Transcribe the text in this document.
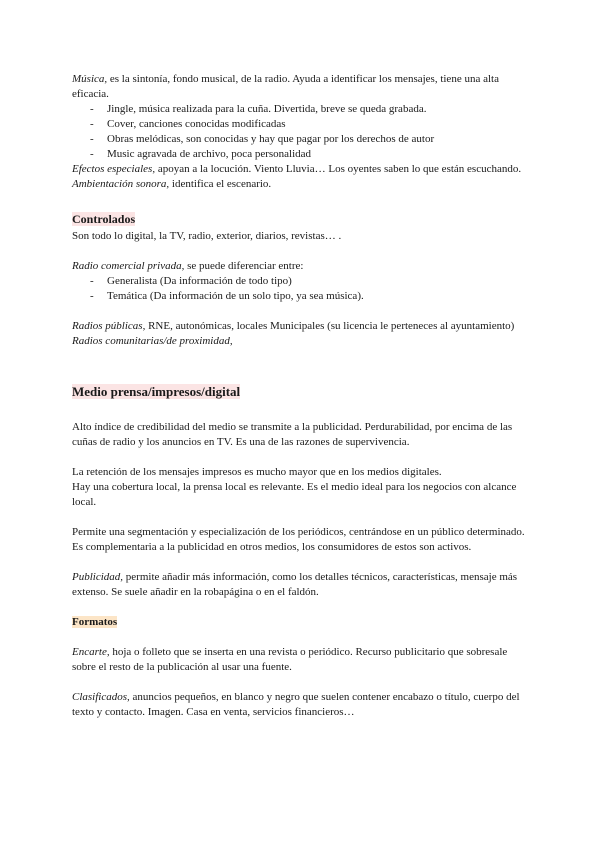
Música, es la sintonía, fondo musical, de la radio. Ayuda a identificar los mensajes, tiene una alta eficacia.

- Jingle, música realizada para la cuña. Divertida, breve se queda grabada.
- Cover, canciones conocidas modificadas
- Obras melódicas, son conocidas y hay que pagar por los derechos de autor
- Music agravada de archivo, poca personalidad

Efectos especiales, apoyan a la locución. Viento Lluvia… Los oyentes saben lo que están escuchando.

Ambientación sonora, identifica el escenario.

Controlados

Son todo lo digital, la TV, radio, exterior, diarios, revistas… .

Radio comercial privada, se puede diferenciar entre:

- Generalista (Da información de todo tipo)
- Temática (Da información de un solo tipo, ya sea música).

Radios públicas, RNE, autonómicas, locales Municipales (su licencia le perteneces al ayuntamiento)

Radios comunitarias/de proximidad,

Medio prensa/impresos/digital

Alto índice de credibilidad del medio se transmite a la publicidad. Perdurabilidad, por encima de las cuñas de radio y los anuncios en TV. Es una de las razones de supervivencia.

La retención de los mensajes impresos es mucho mayor que en los medios digitales.

Hay una cobertura local, la prensa local es relevante. Es el medio ideal para los negocios con alcance local.

Permite una segmentación y especialización de los periódicos, centrándose en un público determinado.

Es complementaria a la publicidad en otros medios, los consumidores de estos son activos.

Publicidad, permite añadir más información, como los detalles técnicos, características, mensaje más extenso. Se suele añadir en la robapágina o en el faldón.

Formatos

Encarte, hoja o folleto que se inserta en una revista o periódico. Recurso publicitario que sobresale sobre el resto de la publicación al usar una fuente.

Clasificados, anuncios pequeños, en blanco y negro que suelen contener encabazo o título, cuerpo del texto y contacto. Imagen. Casa en venta, servicios financieros…
